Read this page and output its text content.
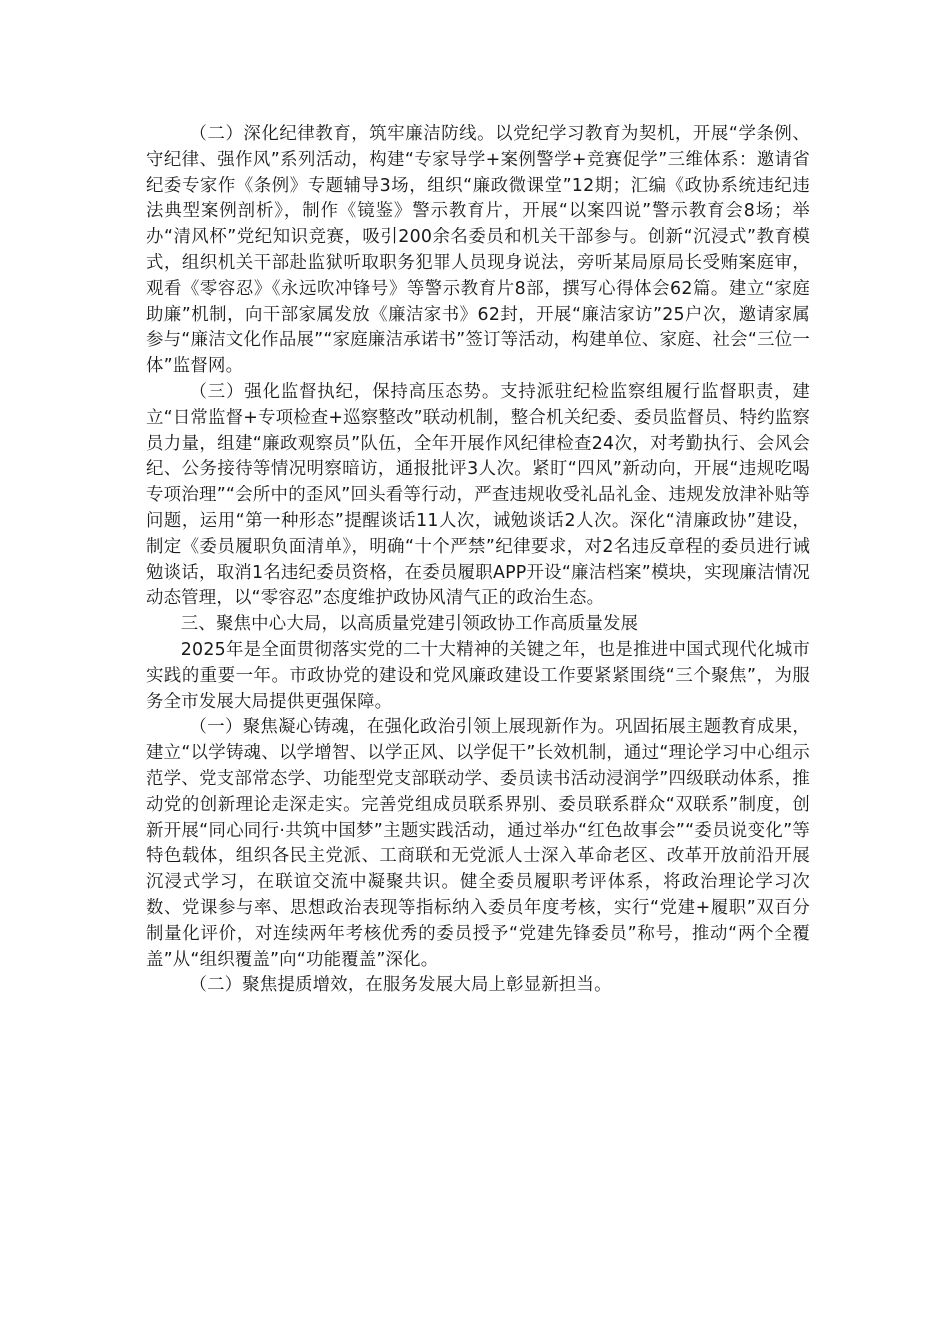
（二）深化纪律教育，筑牢廉洁防线。以党纪学习教育为契机，开展“学条例、守纪律、强作风”系列活动，构建“专家导学+案例警学+竞赛促学”三维体系：邀请省纪委专家作《条例》专题辅导3场，组织“廉政微课堂”12期；汇编《政协系统违纪违法典型案例剖析》，制作《镜鉴》警示教育片，开展“以案四说”警示教育会8场；举办“清风杯”党纪知识竞赛，吸引200余名委员和机关干部参与。创新“沉浸式”教育模式，组织机关干部赴监狱听取职务犯罪人员现身说法，旁听某局原局长受贿案庭审，观看《零容忍》《永远吹冲锋号》等警示教育片8部，撰写心得体会62篇。建立“家庭助廉”机制，向干部家属发放《廉洁家书》62封，开展“廉洁家访”25户次，邀请家属参与“廉洁文化作品展”“家庭廉洁承诺书”签订等活动，构建单位、家庭、社会“三位一体”监督网。

（三）强化监督执纪，保持高压态势。支持派驻纪检监察组履行监督职责，建立“日常监督+专项检查+巡察整改”联动机制，整合机关纪委、委员监督员、特约监察员力量，组建“廉政观察员”队伍，全年开展作风纪律检查24次，对考勤执行、会风会纪、公务接待等情况明察暗访，通报批评3人次。紧盯“四风”新动向，开展“违规吃喝专项治理”“会所中的歪风”回头看等行动，严查违规收受礼品礼金、违规发放津补贴等问题，运用“第一种形态”提醒谈话11人次，诫勉谈话2人次。深化“清廉政协”建设，制定《委员履职负面清单》，明确“十个严禁”纪律要求，对2名违反章程的委员进行诫勉谈话，取消1名违纪委员资格，在委员履职APP开设“廉洁档案”模块，实现廉洁情况动态管理，以“零容忍”态度维护政协风清气正的政治生态。

三、聚焦中心大局，以高质量党建引领政协工作高质量发展

2025年是全面贯彻落实党的二十大精神的关键之年，也是推进中国式现代化城市实践的重要一年。市政协党的建设和党风廉政建设工作要紧紧围绕“三个聚焦”，为服务全市发展大局提供更强保障。

（一）聚焦凝心铸魂，在强化政治引领上展现新作为。巩固拓展主题教育成果，建立“以学铸魂、以学增智、以学正风、以学促干”长效机制，通过“理论学习中心组示范学、党支部常态学、功能型党支部联动学、委员读书活动浸润学”四级联动体系，推动党的创新理论走深走实。完善党组成员联系界别、委员联系群众“双联系”制度，创新开展“同心同行·共筑中国梦”主题实践活动，通过举办“红色故事会”“委员说变化”等特色载体，组织各民主党派、工商联和无党派人士深入革命老区、改革开放前沿开展沉浸式学习，在联谊交流中凝聚共识。健全委员履职考评体系，将政治理论学习次数、党课参与率、思想政治表现等指标纳入委员年度考核，实行“党建+履职”双百分制量化评价，对连续两年考核优秀的委员授予“党建先锋委员”称号，推动“两个全覆盖”从“组织覆盖”向“功能覆盖”深化。

（二）聚焦提质增效，在服务发展大局上彰显新担当。
